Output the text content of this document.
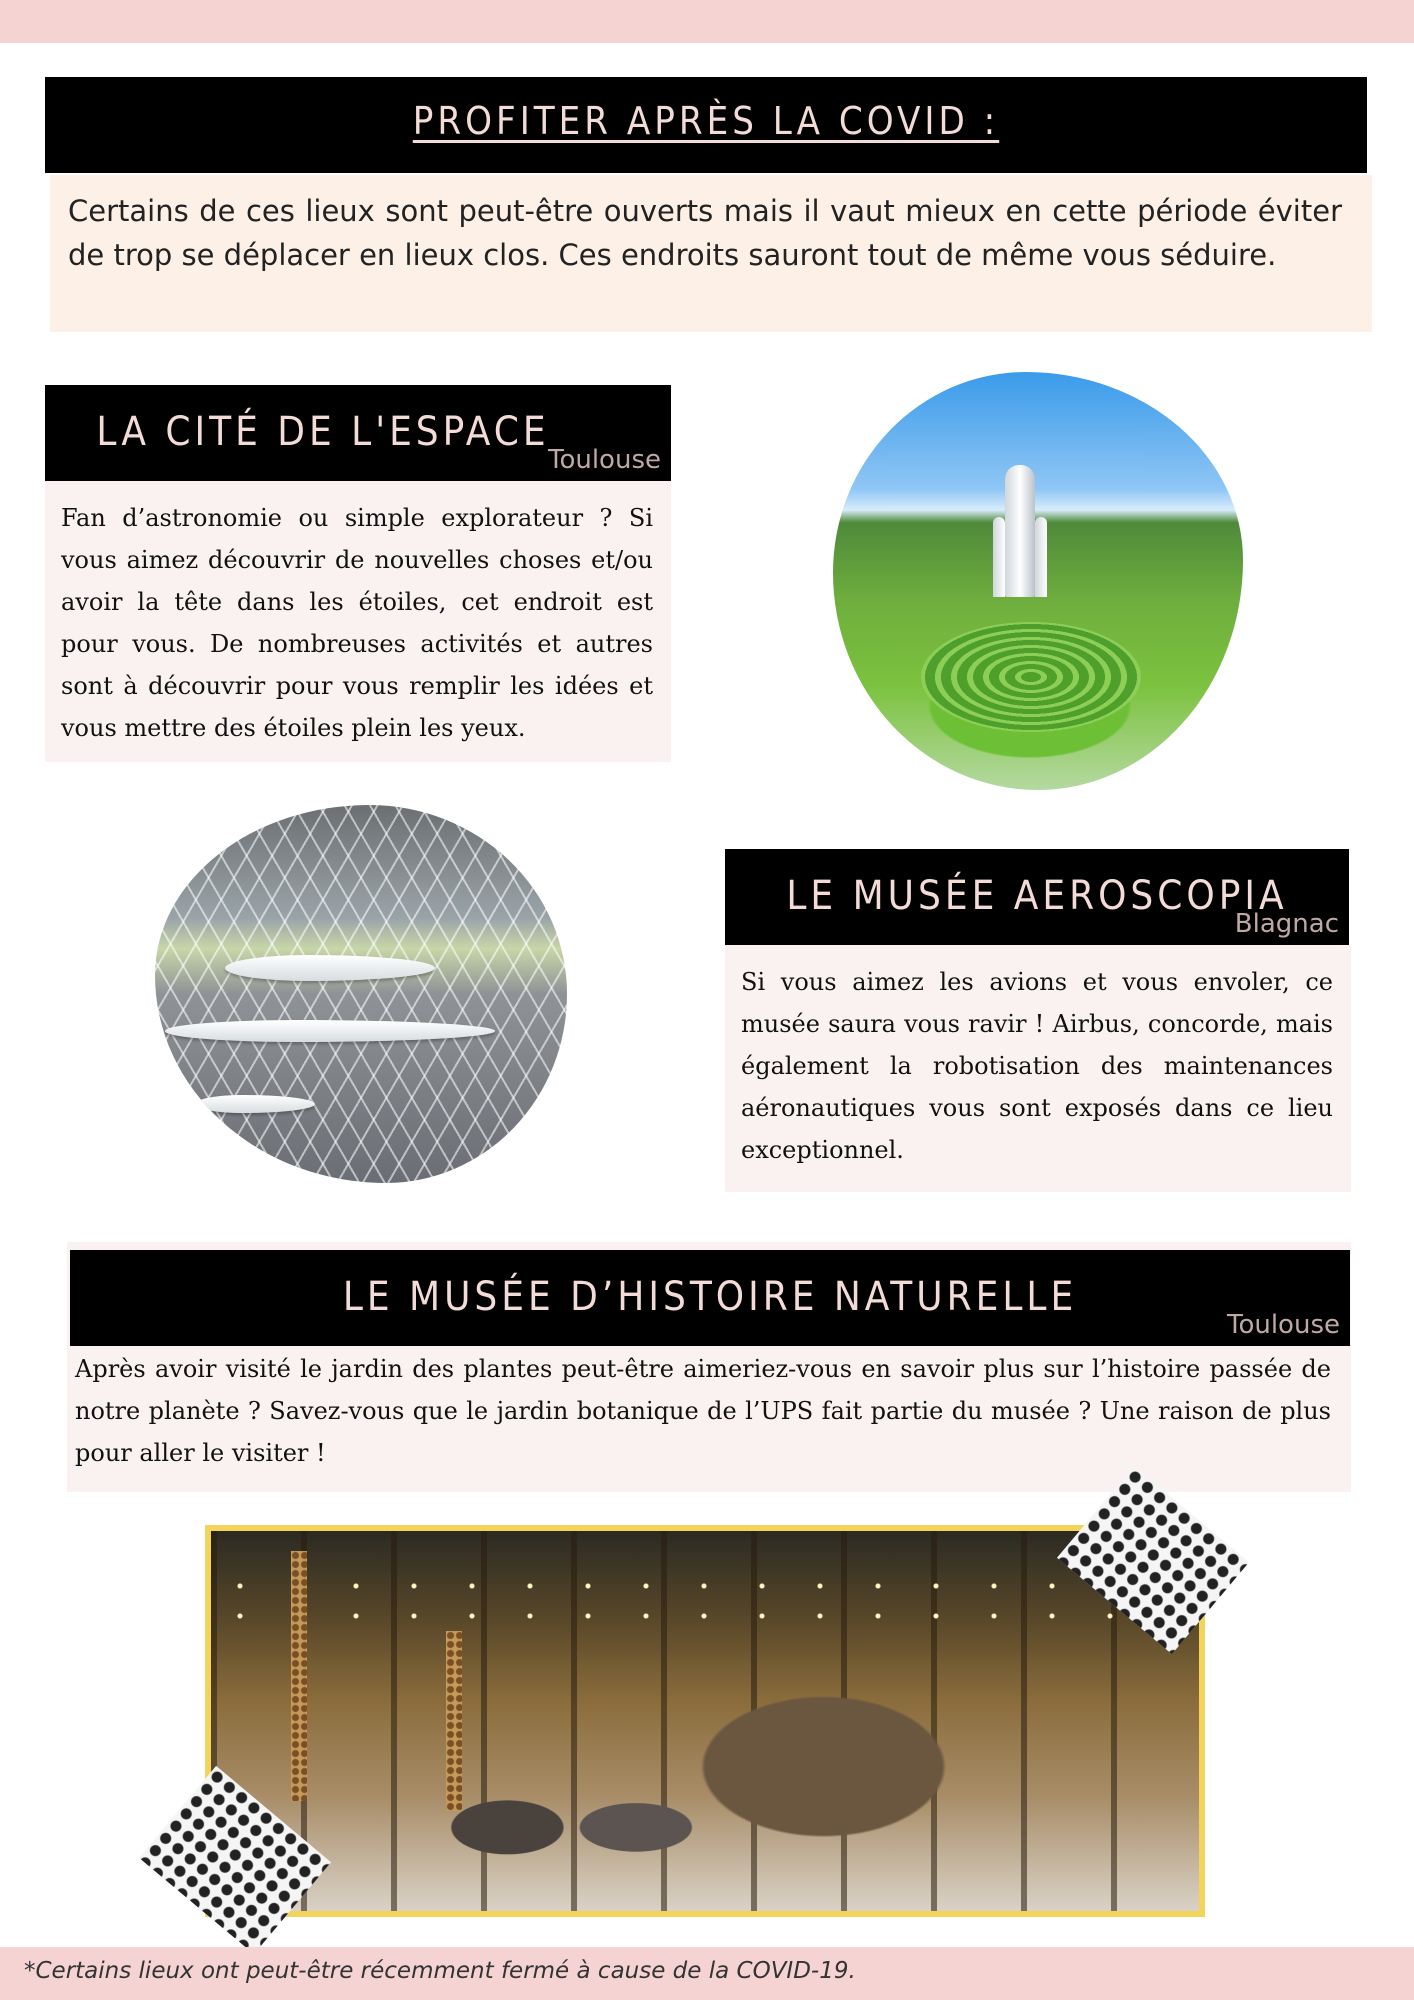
PROFITER APRÈS LA COVID :
Certains de ces lieux sont peut-être ouverts mais il vaut mieux en cette période éviter de trop se déplacer en lieux clos. Ces endroits sauront tout de même vous séduire.
LA CITÉ DE L'ESPACE
Toulouse
Fan d’astronomie ou simple explorateur ? Si vous aimez découvrir de nouvelles choses et/ou avoir la tête dans les étoiles, cet endroit est pour vous. De nombreuses activités et autres sont à découvrir pour vous remplir les idées et vous mettre des étoiles plein les yeux.
LE MUSÉE AEROSCOPIA
Blagnac
Si vous aimez les avions et vous envoler, ce musée saura vous ravir ! Airbus, concorde, mais également la robotisation des maintenances aéronautiques vous sont exposés dans ce lieu exceptionnel.
LE MUSÉE D’HISTOIRE NATURELLE
Toulouse
Après avoir visité le jardin des plantes peut-être aimeriez-vous en savoir plus sur l’histoire passée de notre planète ? Savez-vous que le jardin botanique de l’UPS fait partie du musée ? Une raison de plus pour aller le visiter !
*Certains lieux ont peut-être récemment fermé à cause de la COVID-19.
